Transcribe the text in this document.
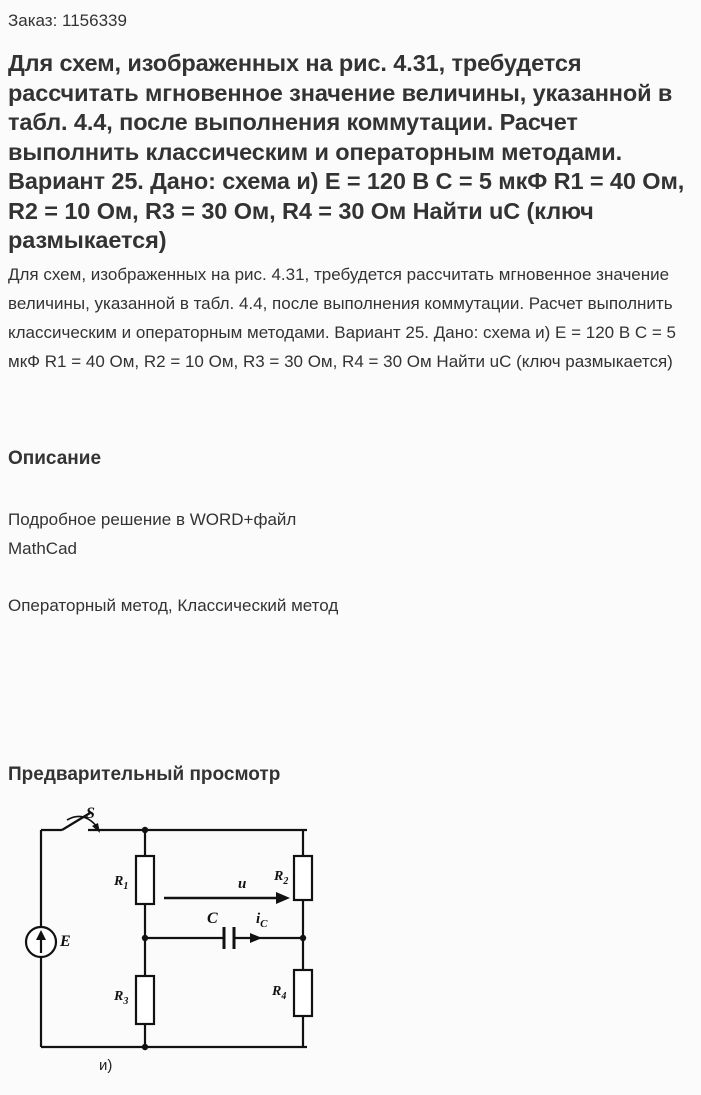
Заказ: 1156339
Для схем, изображенных на рис. 4.31, требудется рассчитать мгновенное значение величины, указанной в табл. 4.4, после выполнения коммутации. Расчет выполнить классическим и операторным методами. Вариант 25. Дано: схема и) E = 120 В C = 5 мкФ R1 = 40 Ом, R2 = 10 Ом, R3 = 30 Ом, R4 = 30 Ом Найти uC (ключ размыкается)

Для схем, изображенных на рис. 4.31, требудется рассчитать мгновенное значение величины, указанной в табл. 4.4, после выполнения коммутации. Расчет выполнить классическим и операторным методами. Вариант 25. Дано: схема и) E = 120 В C = 5 мкФ R1 = 40 Ом, R2 = 10 Ом, R3 = 30 Ом, R4 = 30 Ом Найти uC (ключ размыкается)

Описание
Подробное решение в WORD+файл
MathCad
Операторный метод, Классический метод
Предварительный просмотр
S
E
$R_1$
$R_2$
$R_3$
$R_4$
C
u
$i_C$
и)
